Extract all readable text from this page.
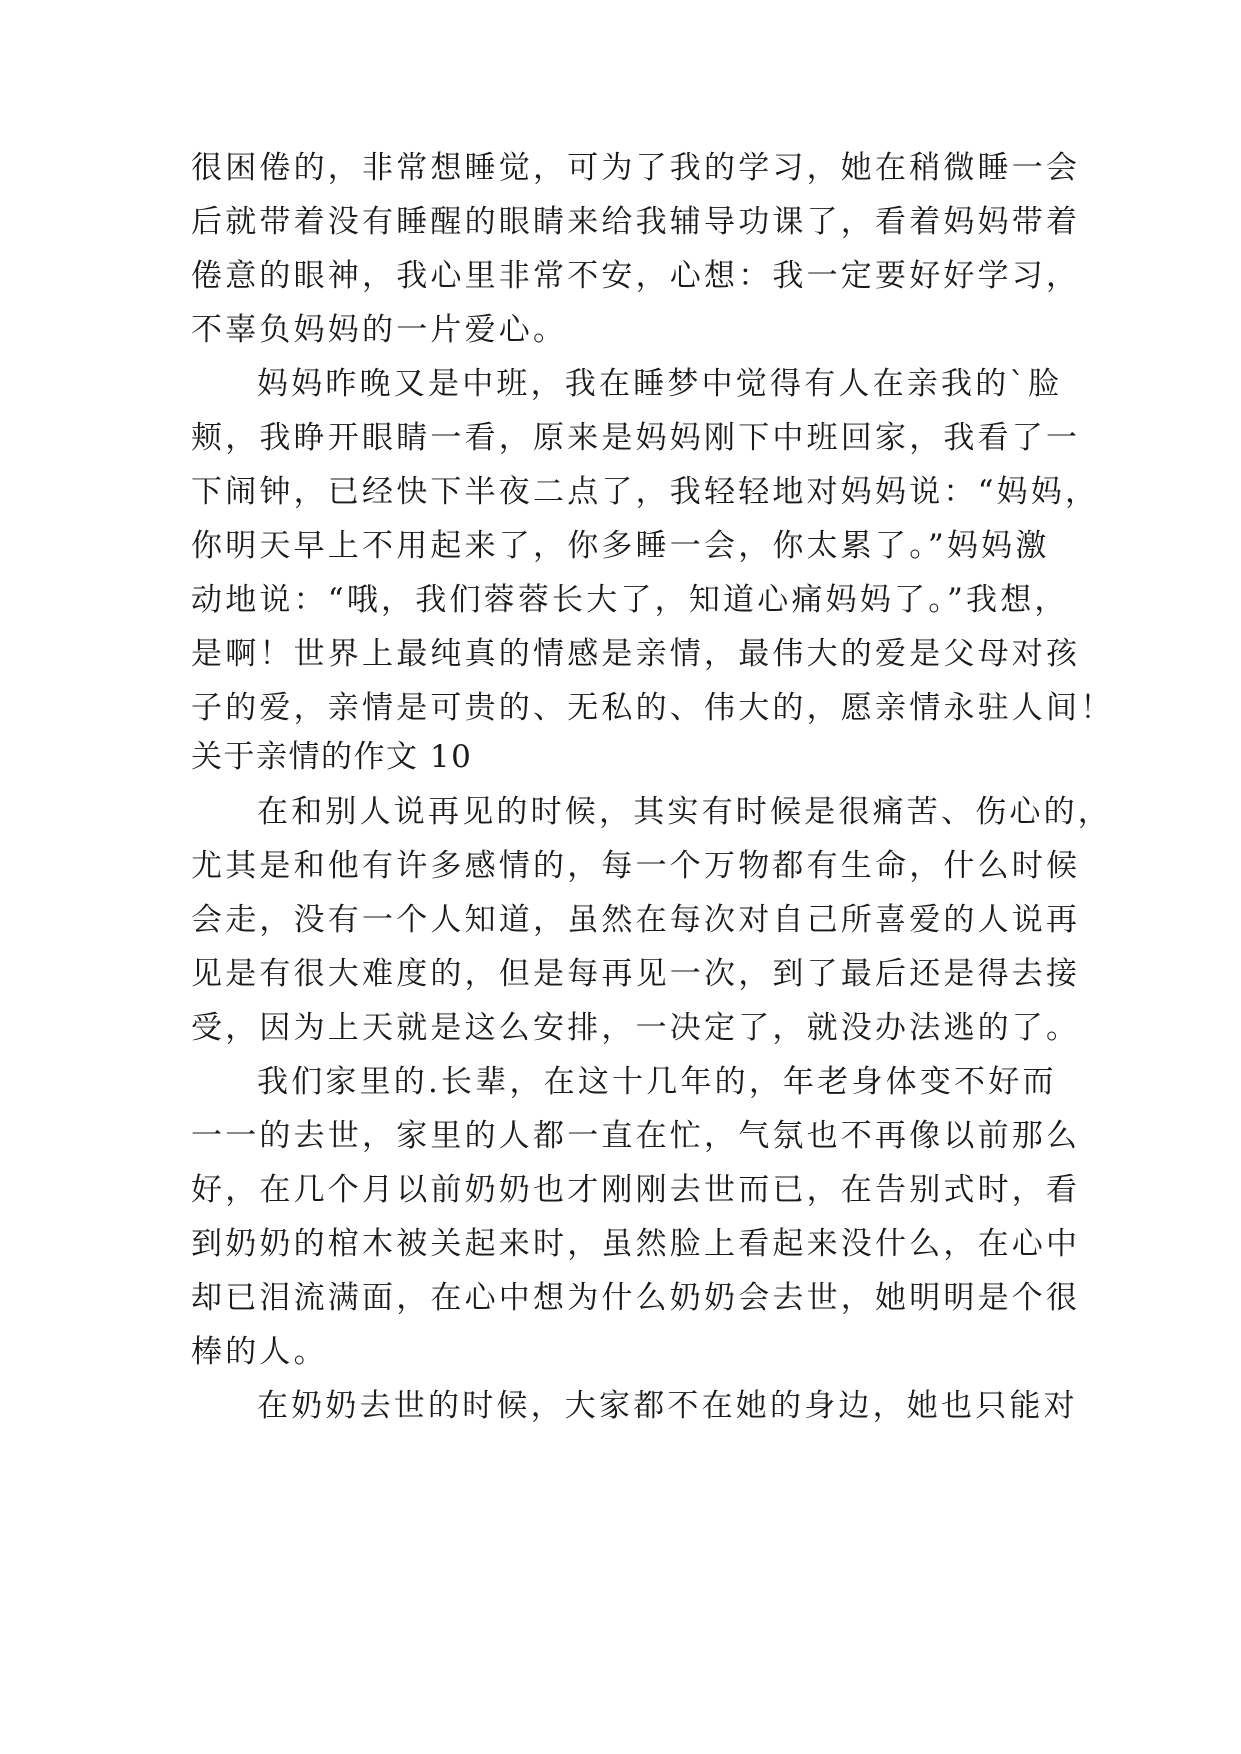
很困倦的，非常想睡觉，可为了我的学习，她在稍微睡一会
后就带着没有睡醒的眼睛来给我辅导功课了，看着妈妈带着
倦意的眼神，我心里非常不安，心想：我一定要好好学习，
不辜负妈妈的一片爱心。
妈妈昨晚又是中班，我在睡梦中觉得有人在亲我的`脸
颊，我睁开眼睛一看，原来是妈妈刚下中班回家，我看了一
下闹钟，已经快下半夜二点了，我轻轻地对妈妈说：“妈妈，
你明天早上不用起来了，你多睡一会，你太累了。”妈妈激
动地说：“哦，我们蓉蓉长大了，知道心痛妈妈了。”我想，
是啊！世界上最纯真的情感是亲情，最伟大的爱是父母对孩
子的爱，亲情是可贵的、无私的、伟大的，愿亲情永驻人间！
关于亲情的作文 10
在和别人说再见的时候，其实有时候是很痛苦、伤心的，
尤其是和他有许多感情的，每一个万物都有生命，什么时候
会走，没有一个人知道，虽然在每次对自己所喜爱的人说再
见是有很大难度的，但是每再见一次，到了最后还是得去接
受，因为上天就是这么安排，一决定了，就没办法逃的了。
我们家里的.长辈，在这十几年的，年老身体变不好而
一一的去世，家里的人都一直在忙，气氛也不再像以前那么
好，在几个月以前奶奶也才刚刚去世而已，在告别式时，看
到奶奶的棺木被关起来时，虽然脸上看起来没什么，在心中
却已泪流满面，在心中想为什么奶奶会去世，她明明是个很
棒的人。
在奶奶去世的时候，大家都不在她的身边，她也只能对
